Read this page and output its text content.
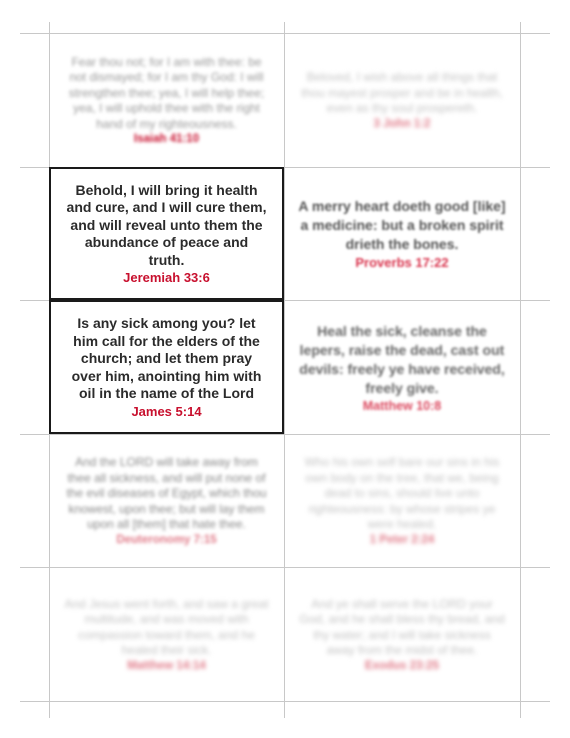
Fear thou not; for I am with thee: be not dismayed; for I am thy God: I will strengthen thee; yea, I will help thee; yea, I will uphold thee with the right hand of my righteousness.
Isaiah 41:10
Beloved, I wish above all things that thou mayest prosper and be in health, even as thy soul prospereth.
3 John 1:2
Behold, I will bring it health and cure, and I will cure them, and will reveal unto them the abundance of peace and truth.
Jeremiah 33:6
A merry heart doeth good [like] a medicine: but a broken spirit drieth the bones.
Proverbs 17:22
Is any sick among you? let him call for the elders of the church; and let them pray over him, anointing him with oil in the name of the Lord
James 5:14
Heal the sick, cleanse the lepers, raise the dead, cast out devils: freely ye have received, freely give.
Matthew 10:8
And the LORD will take away from thee all sickness, and will put none of the evil diseases of Egypt, which thou knowest, upon thee; but will lay them upon all [them] that hate thee.
Deuteronomy 7:15
Who his own self bare our sins in his own body on the tree, that we, being dead to sins, should live unto righteousness: by whose stripes ye were healed.
1 Peter 2:24
And Jesus went forth, and saw a great multitude, and was moved with compassion toward them, and he healed their sick.
Matthew 14:14
And ye shall serve the LORD your God, and he shall bless thy bread, and thy water; and I will take sickness away from the midst of thee.
Exodus 23:25
